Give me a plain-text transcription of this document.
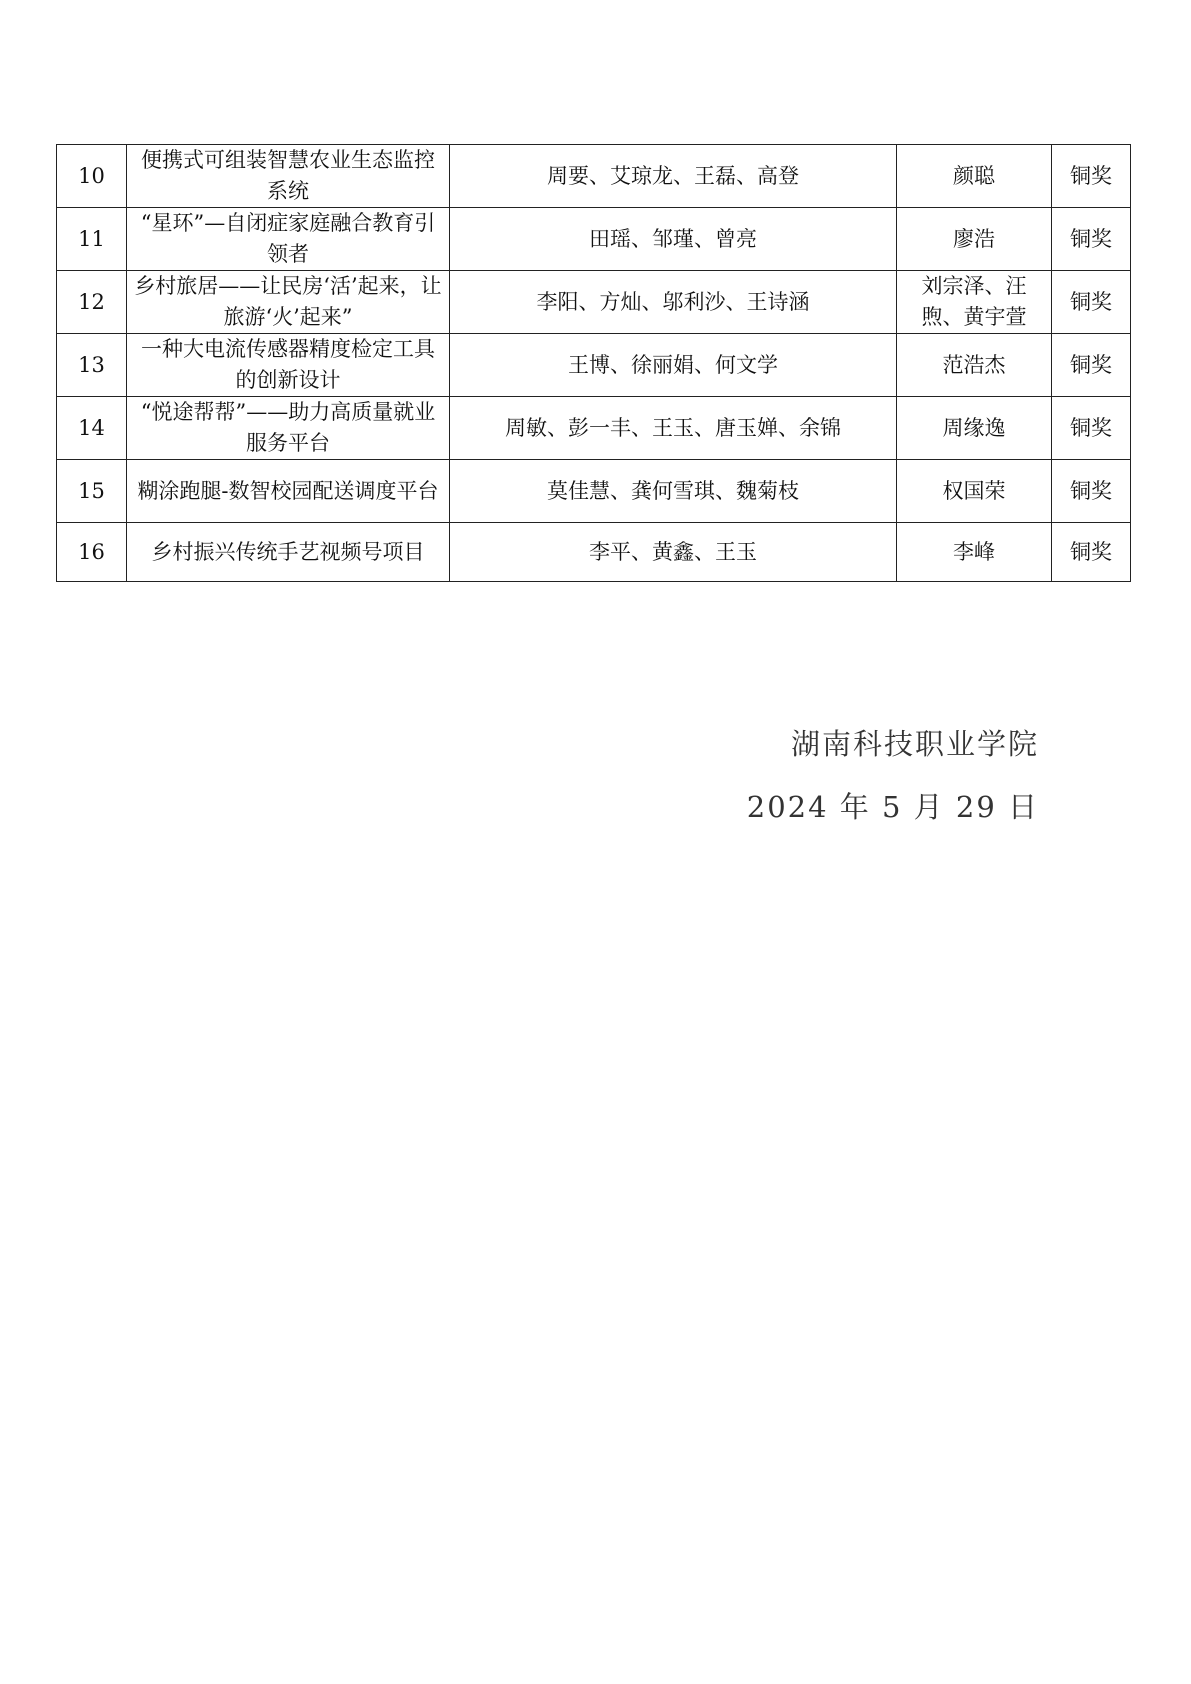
10	便携式可组装智慧农业生态监控系统	周要、艾琼龙、王磊、高登	颜聪	铜奖
11	“星环”—自闭症家庭融合教育引领者	田瑶、邹瑾、曾亮	廖浩	铜奖
12	乡村旅居——让民房‘活’起来，让旅游‘火’起来”	李阳、方灿、邬利沙、王诗涵	刘宗泽、汪煦、黄宇萱	铜奖
13	一种大电流传感器精度检定工具的创新设计	王博、徐丽娟、何文学	范浩杰	铜奖
14	“悦途帮帮”——助力高质量就业服务平台	周敏、彭一丰、王玉、唐玉婵、余锦	周缘逸	铜奖
15	糊涂跑腿-数智校园配送调度平台	莫佳慧、龚何雪琪、魏菊枝	权国荣	铜奖
16	乡村振兴传统手艺视频号项目	李平、黄鑫、王玉	李峰	铜奖
湖南科技职业学院
2024 年 5 月 29 日
